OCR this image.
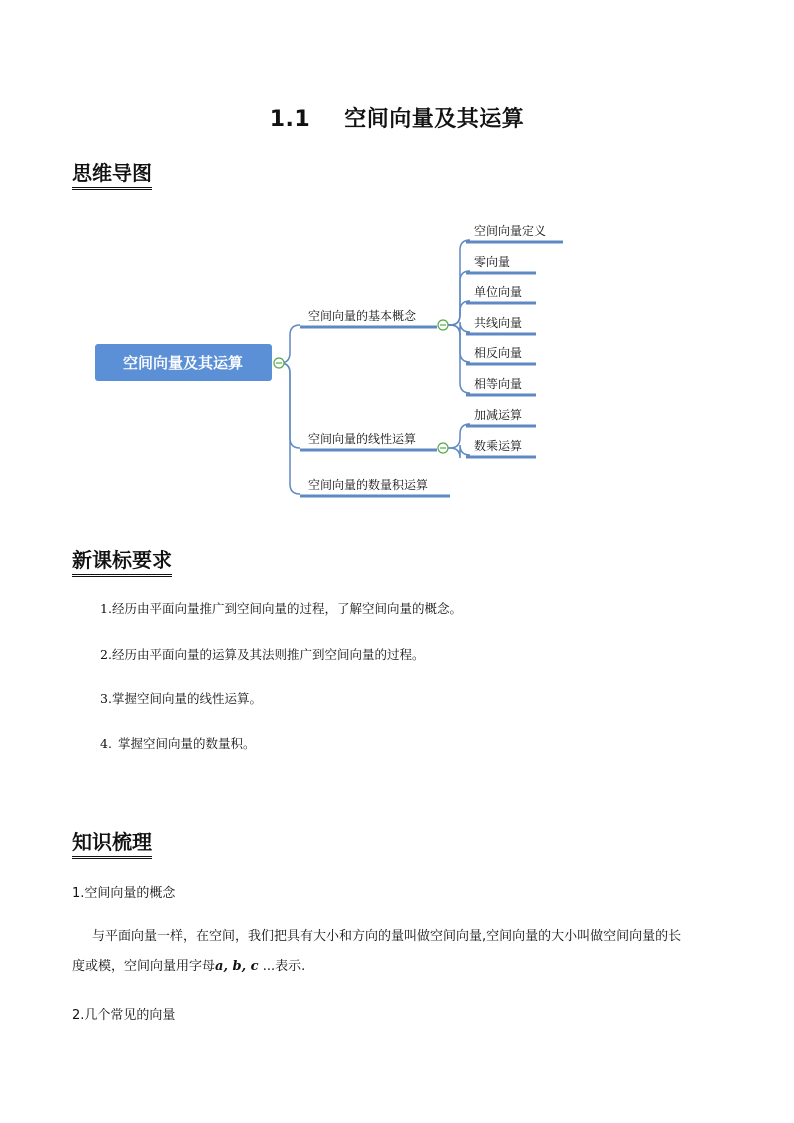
1.1 空间向量及其运算
思维导图
空间向量及其运算
空间向量的基本概念
空间向量定义
零向量
单位向量
共线向量
相反向量
相等向量
空间向量的线性运算
加减运算
数乘运算
空间向量的数量积运算
新课标要求
1.经历由平面向量推广到空间向量的过程，了解空间向量的概念。
2.经历由平面向量的运算及其法则推广到空间向量的过程。
3.掌握空间向量的线性运算。
4. 掌握空间向量的数量积。
知识梳理
1.空间向量的概念
与平面向量一样，在空间，我们把具有大小和方向的量叫做空间向量,空间向量的大小叫做空间向量的长
度或模，空间向量用字母a, b, c ...表示.
2.几个常见的向量
